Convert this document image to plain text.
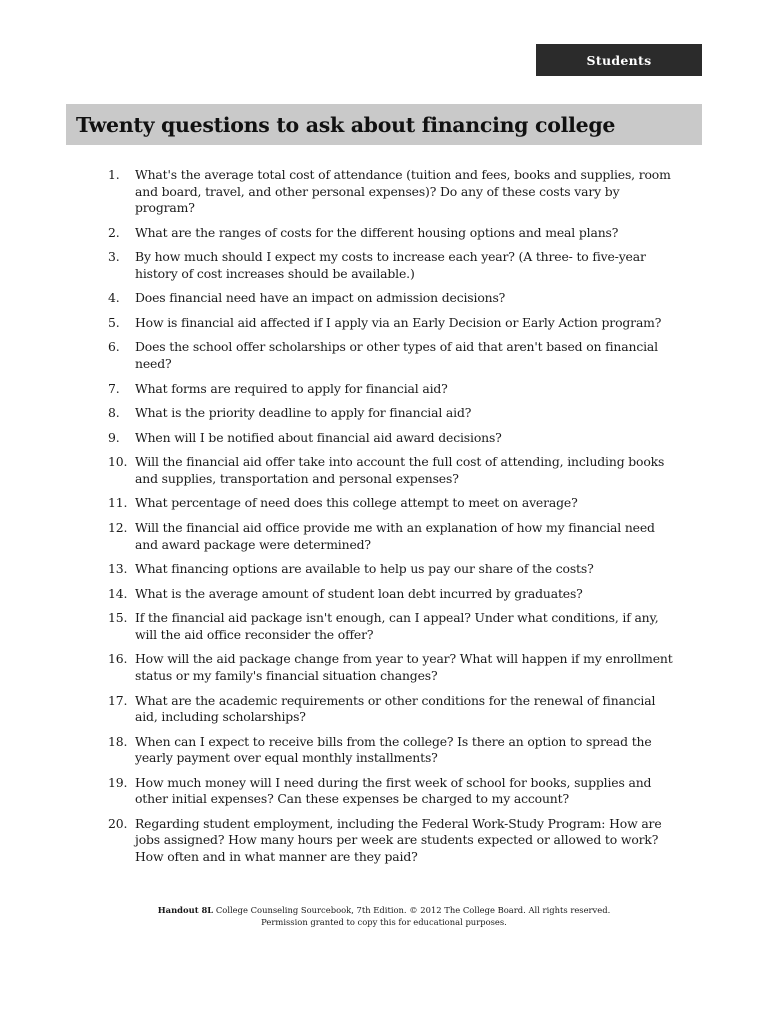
Students
Twenty questions to ask about financing college
1.	What's the average total cost of attendance (tuition and fees, books and supplies, room and board, travel, and other personal expenses)? Do any of these costs vary by program?
2.	What are the ranges of costs for the different housing options and meal plans?
3.	By how much should I expect my costs to increase each year? (A three- to five-year history of cost increases should be available.)
4.	Does financial need have an impact on admission decisions?
5.	How is financial aid affected if I apply via an Early Decision or Early Action program?
6.	Does the school offer scholarships or other types of aid that aren't based on financial need?
7.	What forms are required to apply for financial aid?
8.	What is the priority deadline to apply for financial aid?
9.	When will I be notified about financial aid award decisions?
10. Will the financial aid offer take into account the full cost of attending, including books and supplies, transportation and personal expenses?
11. What percentage of need does this college attempt to meet on average?
12. Will the financial aid office provide me with an explanation of how my financial need and award package were determined?
13. What financing options are available to help us pay our share of the costs?
14. What is the average amount of student loan debt incurred by graduates?
15. If the financial aid package isn't enough, can I appeal? Under what conditions, if any, will the aid office reconsider the offer?
16. How will the aid package change from year to year? What will happen if my enrollment status or my family's financial situation changes?
17. What are the academic requirements or other conditions for the renewal of financial aid, including scholarships?
18. When can I expect to receive bills from the college? Is there an option to spread the yearly payment over equal monthly installments?
19. How much money will I need during the first week of school for books, supplies and other initial expenses? Can these expenses be charged to my account?
20. Regarding student employment, including the Federal Work-Study Program: How are jobs assigned? How many hours per week are students expected or allowed to work? How often and in what manner are they paid?
Handout 8L College Counseling Sourcebook, 7th Edition. © 2012 The College Board. All rights reserved.
Permission granted to copy this for educational purposes.
